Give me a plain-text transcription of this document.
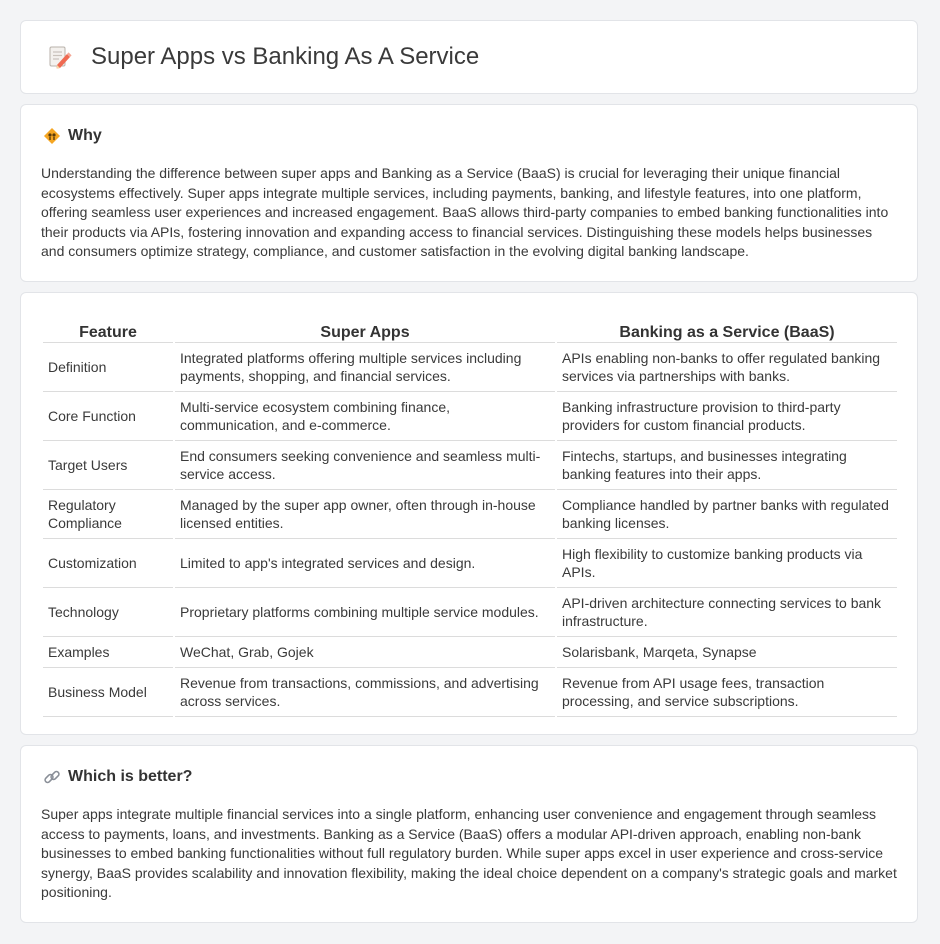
Super Apps vs Banking As A Service
Why

Understanding the difference between super apps and Banking as a Service (BaaS) is crucial for leveraging their unique financial ecosystems effectively. Super apps integrate multiple services, including payments, banking, and lifestyle features, into one platform, offering seamless user experiences and increased engagement. BaaS allows third-party companies to embed banking functionalities into their products via APIs, fostering innovation and expanding access to financial services. Distinguishing these models helps businesses and consumers optimize strategy, compliance, and customer satisfaction in the evolving digital banking landscape.

Feature	Super Apps	Banking as a Service (BaaS)
Definition	Integrated platforms offering multiple services including payments, shopping, and financial services.	APIs enabling non-banks to offer regulated banking services via partnerships with banks.
Core Function	Multi-service ecosystem combining finance, communication, and e-commerce.	Banking infrastructure provision to third-party providers for custom financial products.
Target Users	End consumers seeking convenience and seamless multi-service access.	Fintechs, startups, and businesses integrating banking features into their apps.
Regulatory Compliance	Managed by the super app owner, often through in-house licensed entities.	Compliance handled by partner banks with regulated banking licenses.
Customization	Limited to app's integrated services and design.	High flexibility to customize banking products via APIs.
Technology	Proprietary platforms combining multiple service modules.	API-driven architecture connecting services to bank infrastructure.
Examples	WeChat, Grab, Gojek	Solarisbank, Marqeta, Synapse
Business Model	Revenue from transactions, commissions, and advertising across services.	Revenue from API usage fees, transaction processing, and service subscriptions.
Which is better?

Super apps integrate multiple financial services into a single platform, enhancing user convenience and engagement through seamless access to payments, loans, and investments. Banking as a Service (BaaS) offers a modular API-driven approach, enabling non-bank businesses to embed banking functionalities without full regulatory burden. While super apps excel in user experience and cross-service synergy, BaaS provides scalability and innovation flexibility, making the ideal choice dependent on a company's strategic goals and market positioning.
